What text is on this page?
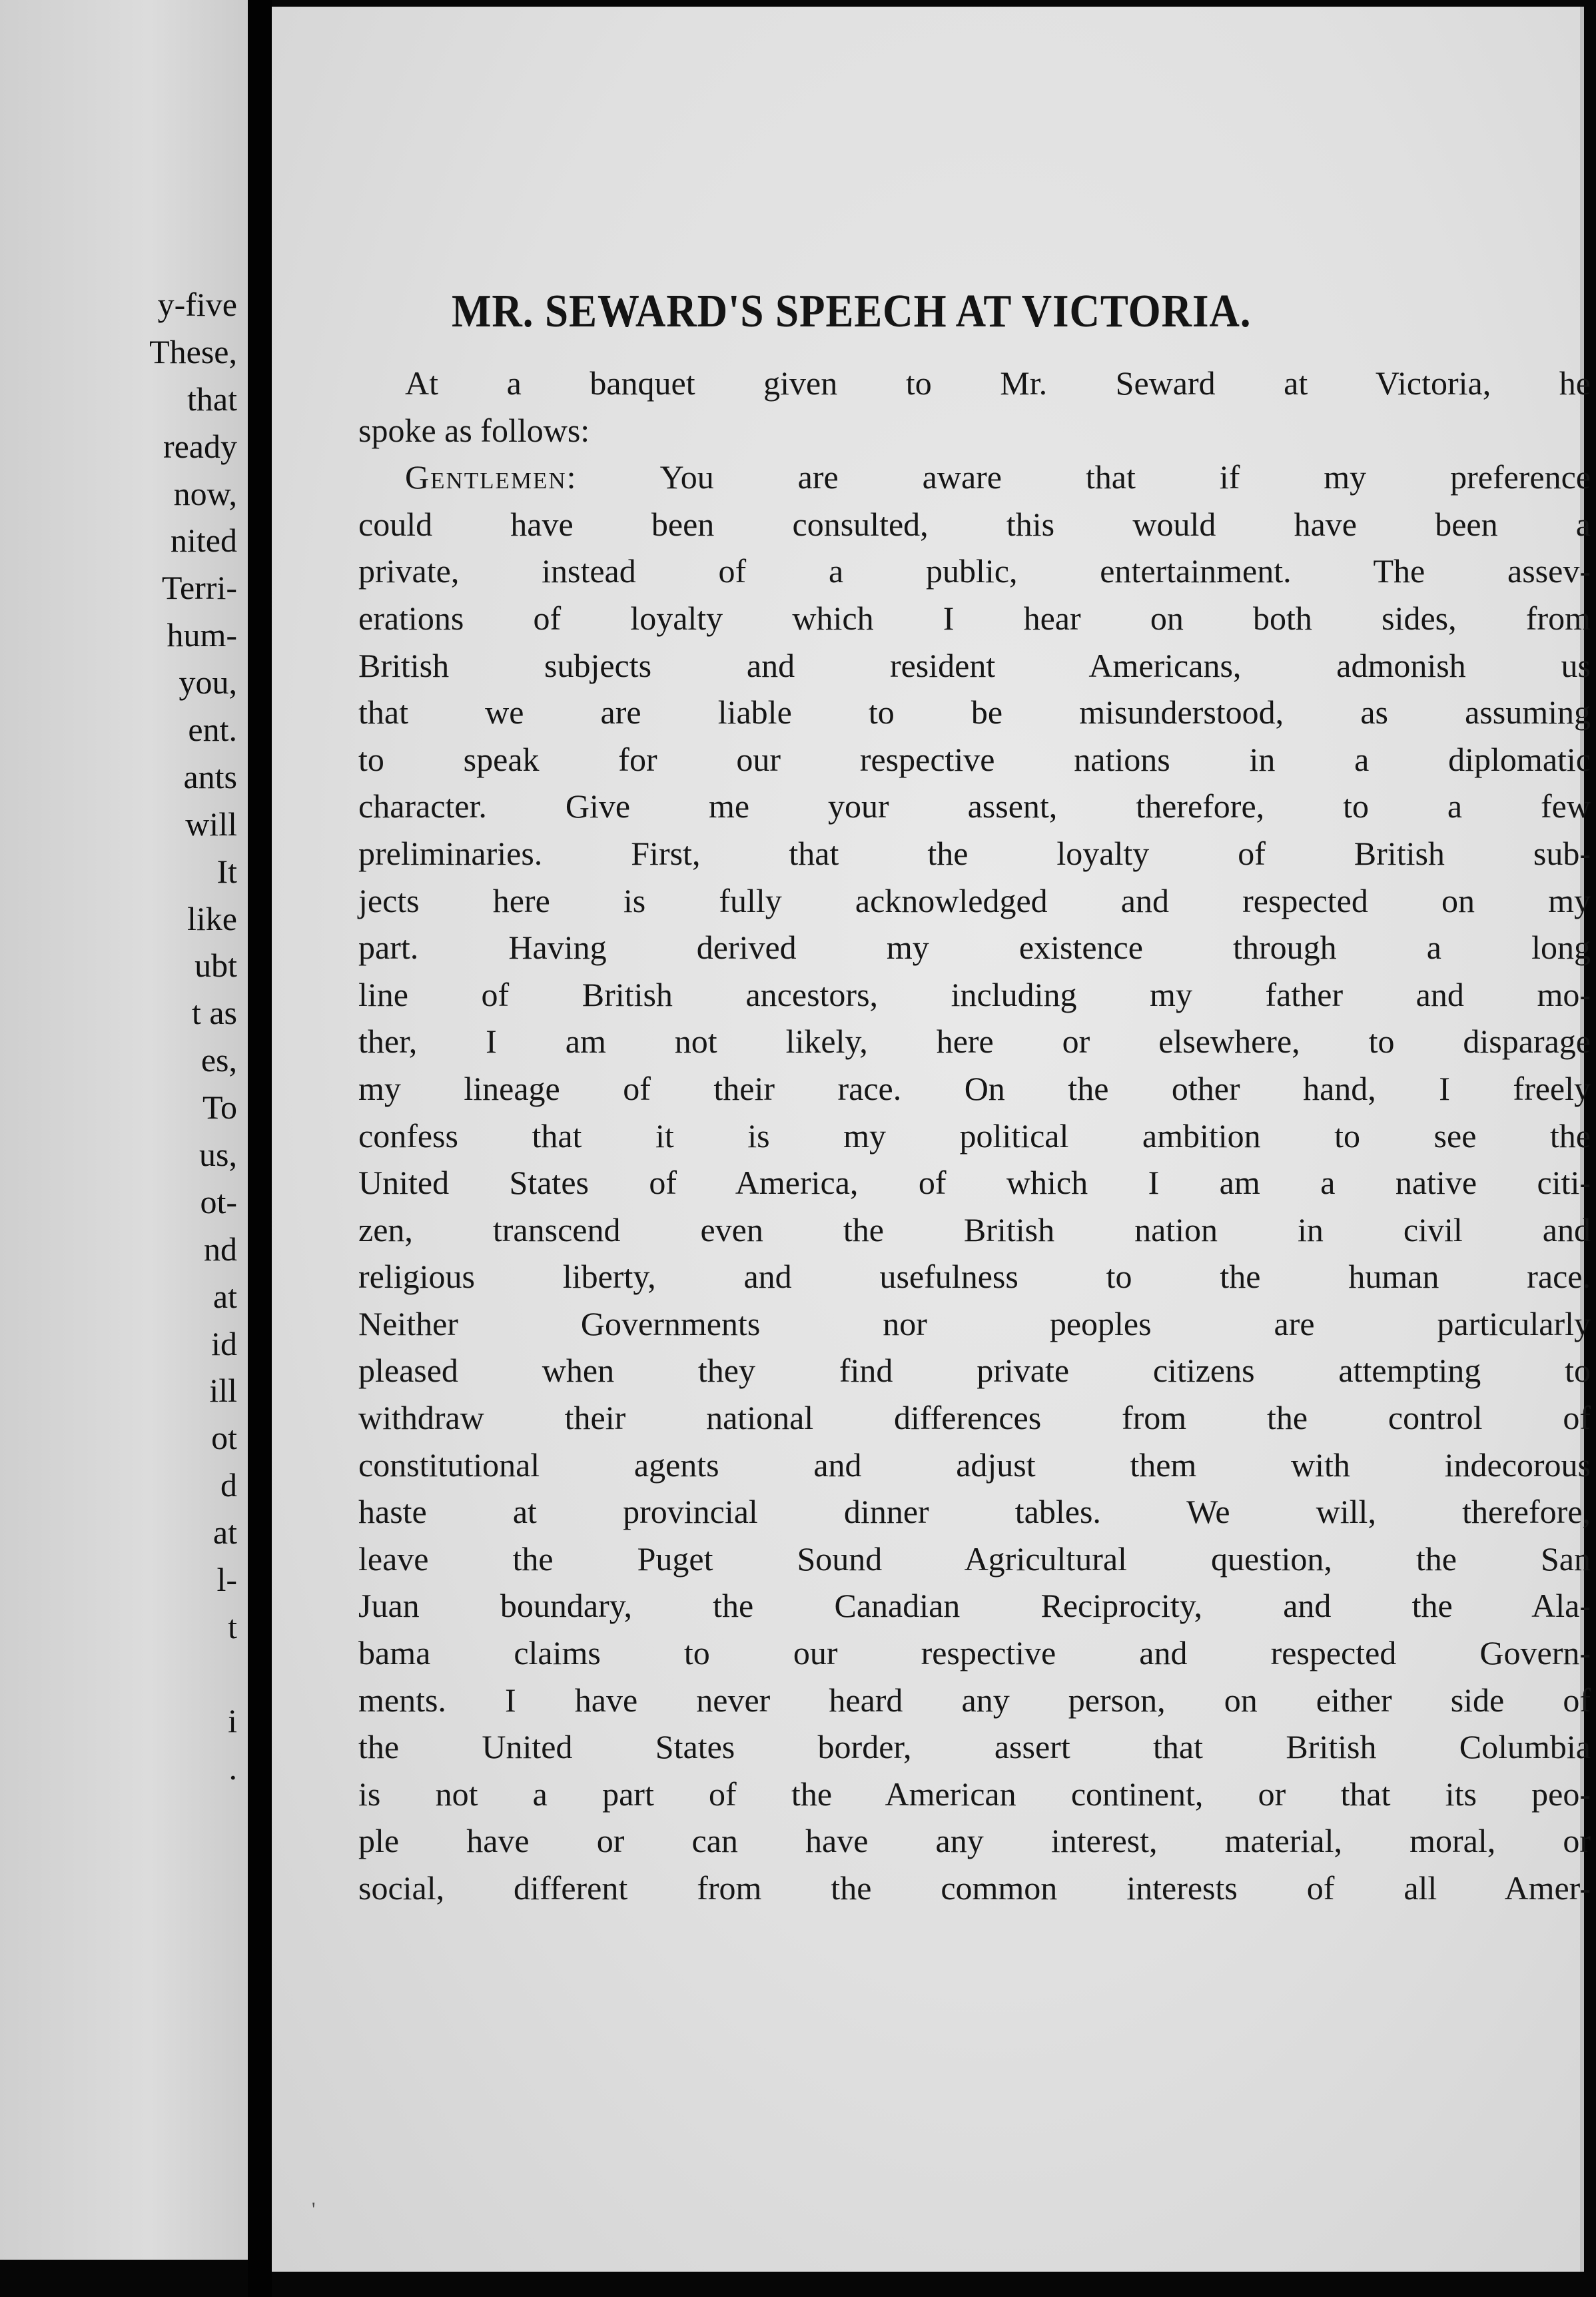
y-five
These,
that
ready
now,
nited
Terri-
hum-
you,
ent.
ants
will
It
like
ubt
t as
es,
To
us,
ot-
nd
at
id
ill
ot
d
at
l-
t
i
.
MR. SEWARD'S SPEECH AT VICTORIA.
At a banquet given to Mr. Seward at Victoria, he
spoke as follows:
Gentlemen: You are aware that if my preference
could have been consulted, this would have been a
private, instead of a public, entertainment. The assev-
erations of loyalty which I hear on both sides, from
British subjects and resident Americans, admonish us
that we are liable to be misunderstood, as assuming
to speak for our respective nations in a diplomatic
character. Give me your assent, therefore, to a few
preliminaries. First, that the loyalty of British sub-
jects here is fully acknowledged and respected on my
part. Having derived my existence through a long
line of British ancestors, including my father and mo-
ther, I am not likely, here or elsewhere, to disparage
my lineage of their race. On the other hand, I freely
confess that it is my political ambition to see the
United States of America, of which I am a native citi-
zen, transcend even the British nation in civil and
religious liberty, and usefulness to the human race.
Neither Governments nor peoples are particularly
pleased when they find private citizens attempting to
withdraw their national differences from the control of
constitutional agents and adjust them with indecorous
haste at provincial dinner tables. We will, therefore,
leave the Puget Sound Agricultural question, the San
Juan boundary, the Canadian Reciprocity, and the Ala-
bama claims to our respective and respected Govern-
ments. I have never heard any person, on either side of
the United States border, assert that British Columbia
is not a part of the American continent, or that its peo-
ple have or can have any interest, material, moral, or
social, different from the common interests of all Amer-
'
